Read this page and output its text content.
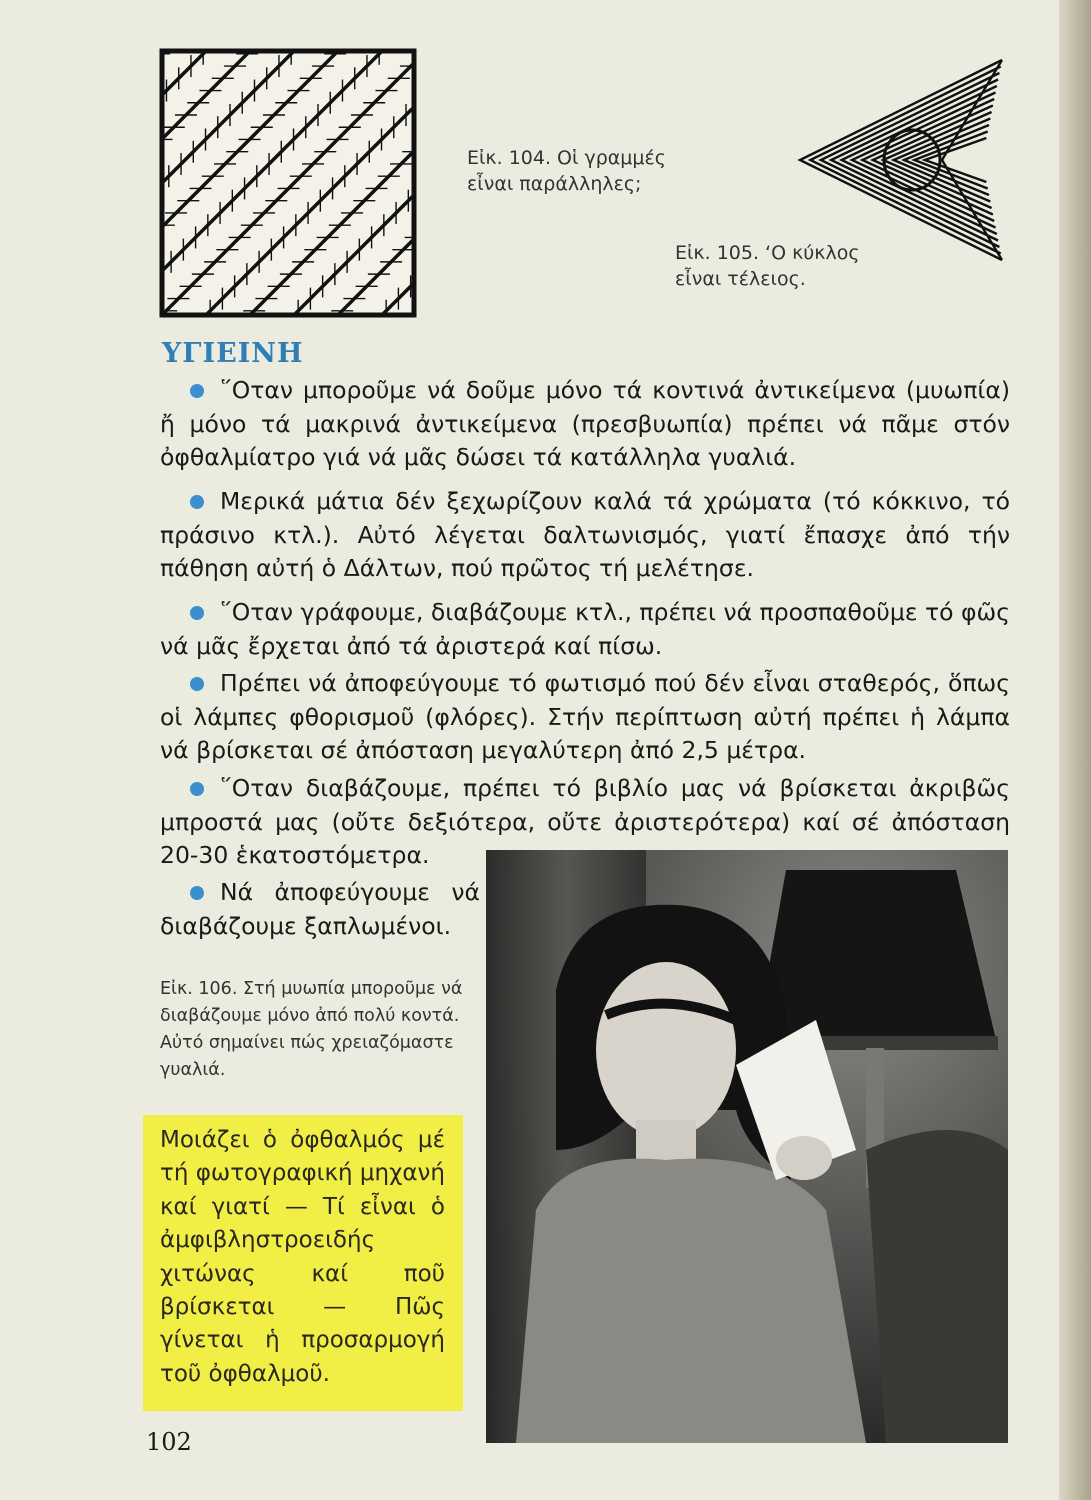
Εἰκ. 104. Οἱ γραμμές
εἶναι παράλληλες;
Εἰκ. 105. ‘Ο κύκλος
εἶναι τέλειος.
ΥΓΙΕΙΝΗ
῞Οταν μποροῦμε νά δοῦμε μόνο τά κοντινά ἀντικείμενα (μυωπία) ἤ μόνο τά μακρινά ἀντικείμενα (πρεσβυωπία) πρέπει νά πᾶμε στόν ὀφθαλμίατρο γιά νά μᾶς δώσει τά κατάλληλα γυαλιά.
Μερικά μάτια δέν ξεχωρίζουν καλά τά χρώματα (τό κόκκινο, τό πράσινο κτλ.). Αὐτό λέγεται δαλτωνισμός, γιατί ἔπασχε ἀπό τήν πάθηση αὐτή ὁ Δάλτων, πού πρῶτος τή μελέτησε.
῞Οταν γράφουμε, διαβάζουμε κτλ., πρέπει νά προσπαθοῦμε τό φῶς νά μᾶς ἔρχεται ἀπό τά ἀριστερά καί πίσω.
Πρέπει νά ἀποφεύγουμε τό φωτισμό πού δέν εἶναι σταθερός, ὅπως οἱ λάμπες φθορισμοῦ (φλόρες). Στήν περίπτωση αὐτή πρέπει ἡ λάμπα νά βρίσκεται σέ ἀπόσταση μεγαλύτερη ἀπό 2,5 μέτρα.
῞Οταν διαβάζουμε, πρέπει τό βιβλίο μας νά βρίσκεται ἀκριβῶς μπροστά μας (οὔτε δεξιότερα, οὔτε ἀριστερότερα) καί σέ ἀπόσταση 20-30 ἑκατοστόμετρα.
Νά ἀποφεύγουμε νά διαβάζουμε ξαπλωμένοι.
Εἰκ. 106. Στή μυωπία μποροῦμε νά διαβάζουμε μόνο ἀπό πολύ κοντά. Αὐτό σημαίνει πώς χρειαζόμαστε γυαλιά.
Μοιάζει ὁ ὀφθαλμός μέ τή φωτογραφική μηχανή καί γιατί — Τί εἶναι ὁ ἀμφιβληστροειδής χιτώνας καί ποῦ βρίσκεται — Πῶς γίνεται ἡ προσαρμογή τοῦ ὀφθαλμοῦ.
102
